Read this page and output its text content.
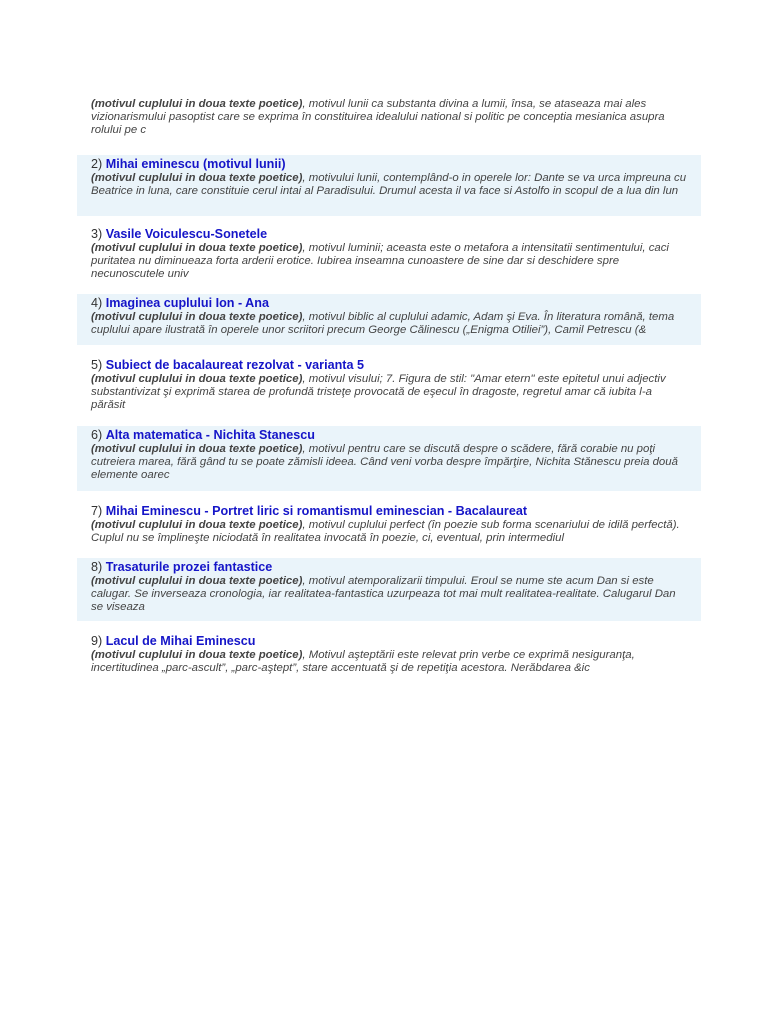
(motivul cuplului in doua texte poetice), motivul lunii ca substanta divina a lumii, însa, se ataseaza mai ales vizionarismului pasoptist care se exprima în constituirea idealului national si politic pe conceptia mesianica asupra rolului pe c

2) Mihai eminescu (motivul lunii)

(motivul cuplului in doua texte poetice), motivului lunii, contemplând-o in operele lor: Dante se va urca impreuna cu Beatrice in luna, care constituie cerul intai al Paradisului. Drumul acesta il va face si Astolfo in scopul de a lua din lun

3) Vasile Voiculescu-Sonetele

(motivul cuplului in doua texte poetice), motivul luminii; aceasta este o metafora a intensitatii sentimentului, caci puritatea nu diminueaza forta arderii erotice. Iubirea inseamna cunoastere de sine dar si deschidere spre necunoscutele univ

4) Imaginea cuplului Ion - Ana

(motivul cuplului in doua texte poetice), motivul biblic al cuplului adamic, Adam şi Eva. În literatura română, tema cuplului apare ilustrată în operele unor scriitori precum George Călinescu („Enigma Otiliei”), Camil Petrescu (&

5) Subiect de bacalaureat rezolvat - varianta 5

(motivul cuplului in doua texte poetice), motivul visului; 7. Figura de stil: "Amar etern" este epitetul unui adjectiv substantivizat şi exprimă starea de profundă tristeţe provocată de eşecul în dragoste, regretul amar că iubita l-a părăsit

6) Alta matematica - Nichita Stanescu

(motivul cuplului in doua texte poetice), motivul pentru care se discută despre o scădere, fără corabie nu poţi cutreiera marea, fără gând tu se poate zămisli ideea. Când veni vorba despre împărţire, Nichita Stănescu preia două elemente oarec

7) Mihai Eminescu - Portret liric si romantismul eminescian - Bacalaureat

(motivul cuplului in doua texte poetice), motivul cuplului perfect (în poezie sub forma scenariului de idilă perfectă). Cuplul nu se împlineşte niciodată în realitatea invocată în poezie, ci, eventual, prin intermediul

8) Trasaturile prozei fantastice

(motivul cuplului in doua texte poetice), motivul atemporalizarii timpului. Eroul se nume ste acum Dan si este calugar. Se inverseaza cronologia, iar realitatea-fantastica uzurpeaza tot mai mult realitatea-realitate. Calugarul Dan se viseaza

9) Lacul de Mihai Eminescu

(motivul cuplului in doua texte poetice), Motivul aşteptării este relevat prin verbe ce exprimă nesiguranţa, incertitudinea „parc-ascult”, „parc-aştept”, stare accentuată şi de repetiţia acestora. Nerăbdarea &ic
